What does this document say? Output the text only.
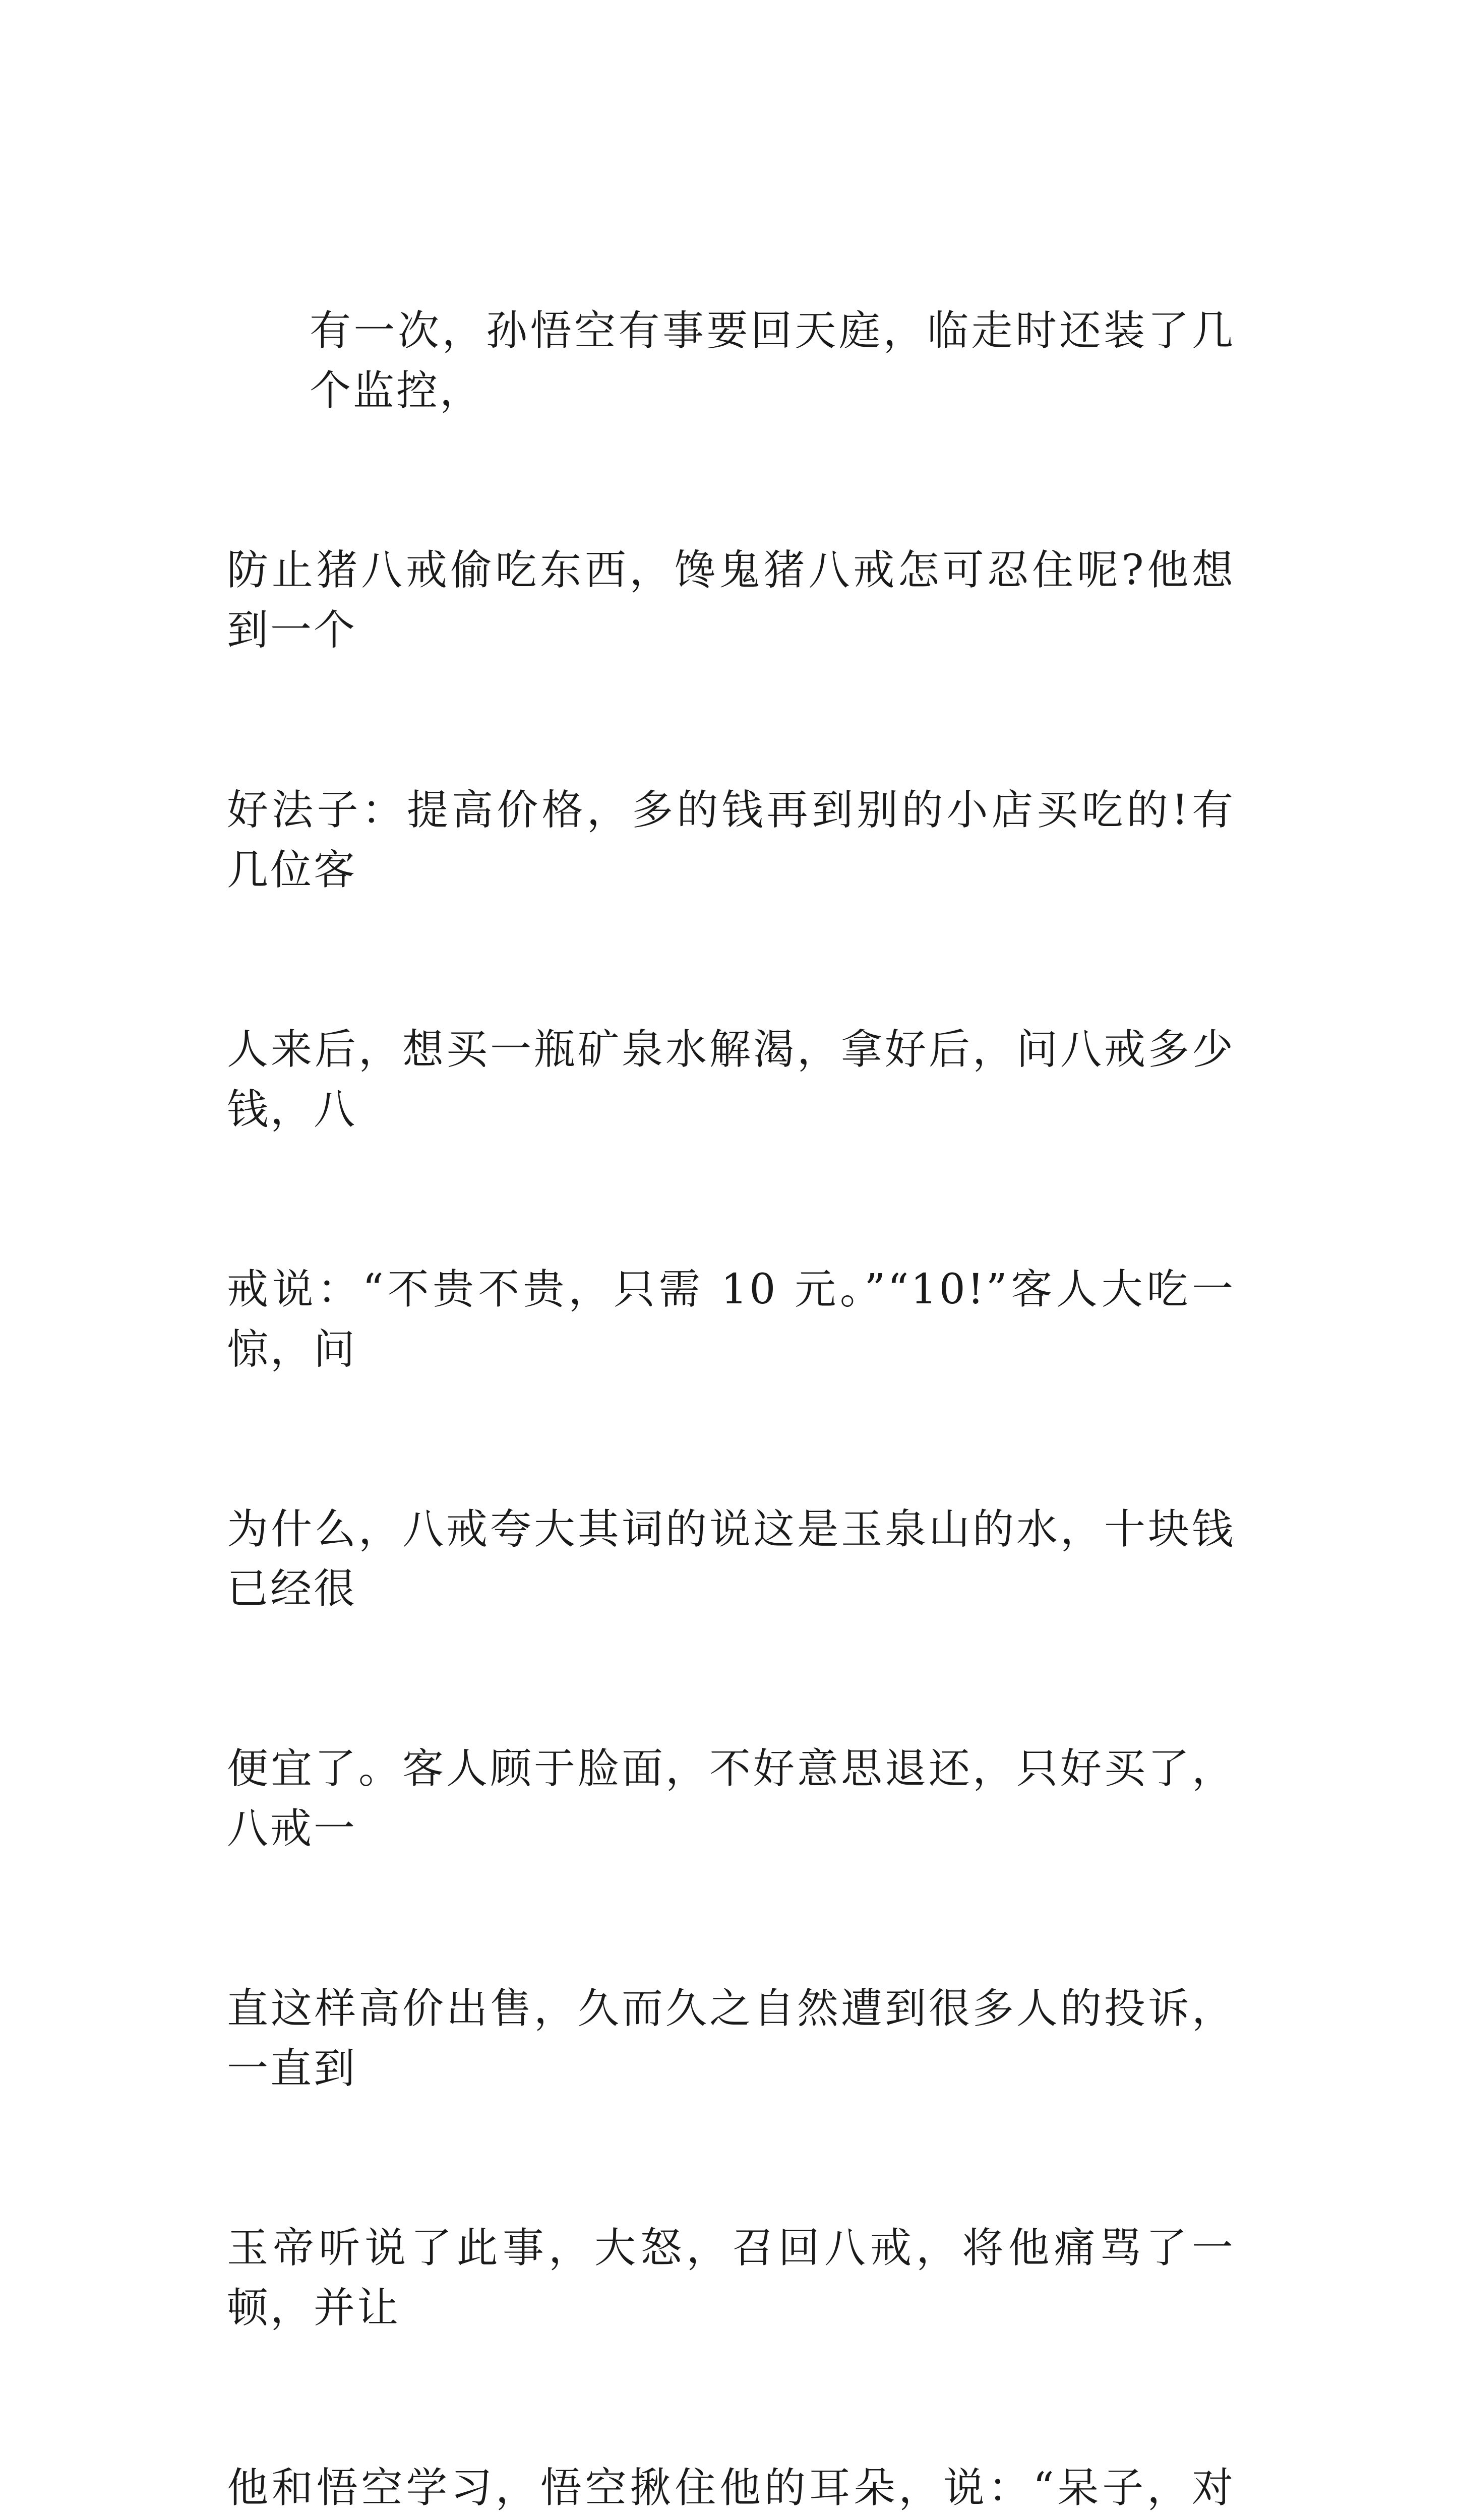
有一次，孙悟空有事要回天庭，临走时还装了几个监控，

防止猪八戒偷吃东西，馋鬼猪八戒怎可忍住呢?他想到一个

好法子：提高价格，多的钱再到别的小店买吃的!有几位客

人来后，想买一瓶矿泉水解渴，拿好后，问八戒多少钱，八

戒说：“不贵不贵，只需 10 元。”“10!”客人大吃一惊，问

为什么，八戒夸大其词的说这是玉泉山的水，十块钱已经很

便宜了。客人顾于脸面，不好意思退还，只好买了，八戒一

直这样高价出售，久而久之自然遭到很多人的投诉，一直到

玉帝听说了此事，大怒，召回八戒，将他痛骂了一顿，并让

他和悟空学习，悟空揪住他的耳朵，说：“呆子，对
